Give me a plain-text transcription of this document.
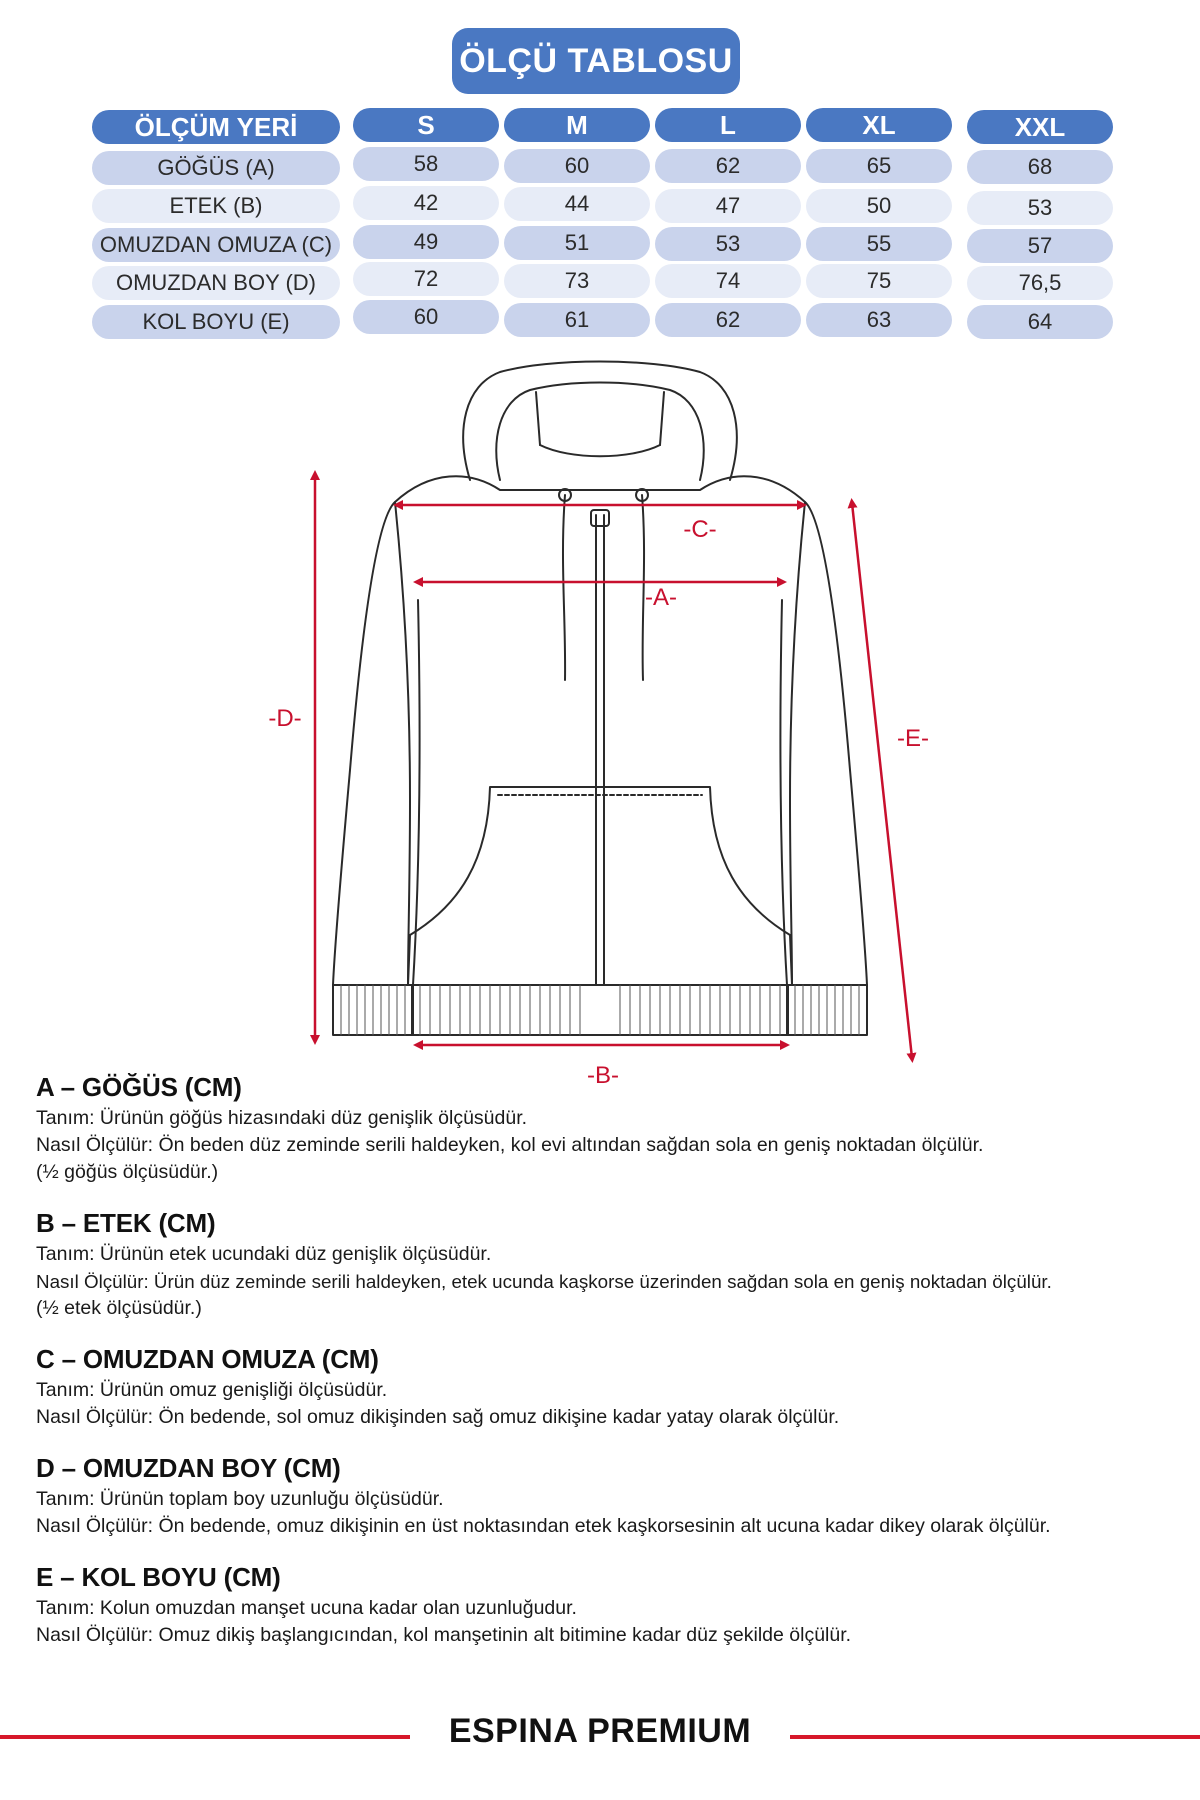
ÖLÇÜ TABLOSU
ÖLÇÜM YERİ	S	M	L	XL	XXL
GÖĞÜS (A)	58	60	62	65	68
ETEK (B)	42	44	47	50	53
OMUZDAN OMUZA (C)	49	51	53	55	57
OMUZDAN BOY (D)	72	73	74	75	76,5
KOL BOYU (E)	60	61	62	63	64
-C-
-A-
-B-
-D-
-E-
A – GÖĞÜS (CM)
Tanım: Ürünün göğüs hizasındaki düz genişlik ölçüsüdür.
Nasıl Ölçülür: Ön beden düz zeminde serili haldeyken, kol evi altından sağdan sola en geniş noktadan ölçülür.
(½ göğüs ölçüsüdür.)
B – ETEK (CM)
Tanım: Ürünün etek ucundaki düz genişlik ölçüsüdür.
Nasıl Ölçülür: Ürün düz zeminde serili haldeyken, etek ucunda kaşkorse üzerinden sağdan sola en geniş noktadan ölçülür.
(½ etek ölçüsüdür.)
C – OMUZDAN OMUZA (CM)
Tanım: Ürünün omuz genişliği ölçüsüdür.
Nasıl Ölçülür: Ön bedende, sol omuz dikişinden sağ omuz dikişine kadar yatay olarak ölçülür.
D – OMUZDAN BOY (CM)
Tanım: Ürünün toplam boy uzunluğu ölçüsüdür.
Nasıl Ölçülür: Ön bedende, omuz dikişinin en üst noktasından etek kaşkorsesinin alt ucuna kadar dikey olarak ölçülür.
E – KOL BOYU (CM)
Tanım: Kolun omuzdan manşet ucuna kadar olan uzunluğudur.
Nasıl Ölçülür: Omuz dikiş başlangıcından, kol manşetinin alt bitimine kadar düz şekilde ölçülür.
ESPINA PREMIUM
